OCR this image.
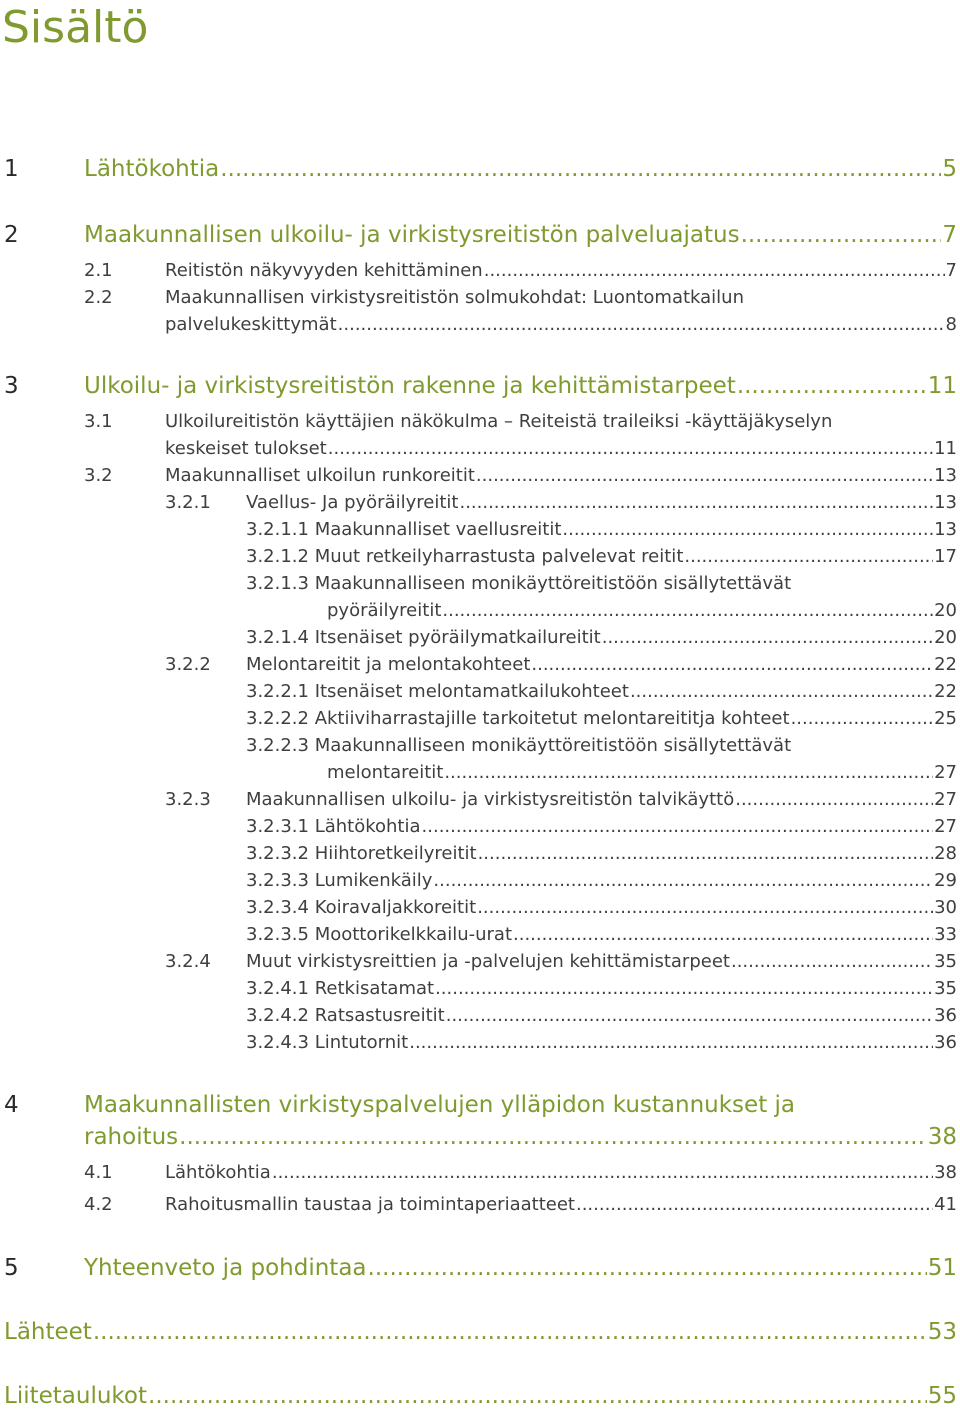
Sisältö
1	Lähtökohtia .....	5
2	Maakunnallisen ulkoilu- ja virkistysreitistön palveluajatus .....	7
2.1	Reitistön näkyvyyden kehittäminen .....	7
2.2	Maakunnallisen virkistysreitistön solmukohdat: Luontomatkailun
palvelukeskittymät .....	8
3	Ulkoilu- ja virkistysreitistön rakenne ja kehittämistarpeet .....	11
3.1	Ulkoilureitistön käyttäjien näkökulma – Reiteistä traileiksi -käyttäjäkyselyn
keskeiset tulokset .....	11
3.2	Maakunnalliset ulkoilun runkoreitit .....	13
3.2.1 Vaellus- Ja pyöräilyreitit .....	13
3.2.1.1 Maakunnalliset vaellusreitit .....	13
3.2.1.2 Muut retkeilyharrastusta palvelevat reitit .....	17
3.2.1.3 Maakunnalliseen monikäyttöreitistöön sisällytettävät
pyöräilyreitit .....	20
3.2.1.4 Itsenäiset pyöräilymatkailureitit .....	20
3.2.2 Melontareitit ja melontakohteet .....	22
3.2.2.1 Itsenäiset melontamatkailukohteet .....	22
3.2.2.2 Aktiiviharrastajille tarkoitetut melontareititja kohteet .....	25
3.2.2.3 Maakunnalliseen monikäyttöreitistöön sisällytettävät
melontareitit .....	27
3.2.3 Maakunnallisen ulkoilu- ja virkistysreitistön talvikäyttö .....	27
3.2.3.1 Lähtökohtia .....	27
3.2.3.2 Hiihtoretkeilyreitit .....	28
3.2.3.3 Lumikenkäily .....	29
3.2.3.4 Koiravaljakkoreitit .....	30
3.2.3.5 Moottorikelkkailu-urat .....	33
3.2.4 Muut virkistysreittien ja -palvelujen kehittämistarpeet .....	35
3.2.4.1 Retkisatamat .....	35
3.2.4.2 Ratsastusreitit .....	36
3.2.4.3 Lintutornit .....	36
4	Maakunnallisten virkistyspalvelujen ylläpidon kustannukset ja
rahoitus .....	38
4.1	Lähtökohtia .....	38
4.2	Rahoitusmallin taustaa ja toimintaperiaatteet .....	41
5	Yhteenveto ja pohdintaa .....	51
Lähteet .....	53
Liitetaulukot .....	55
